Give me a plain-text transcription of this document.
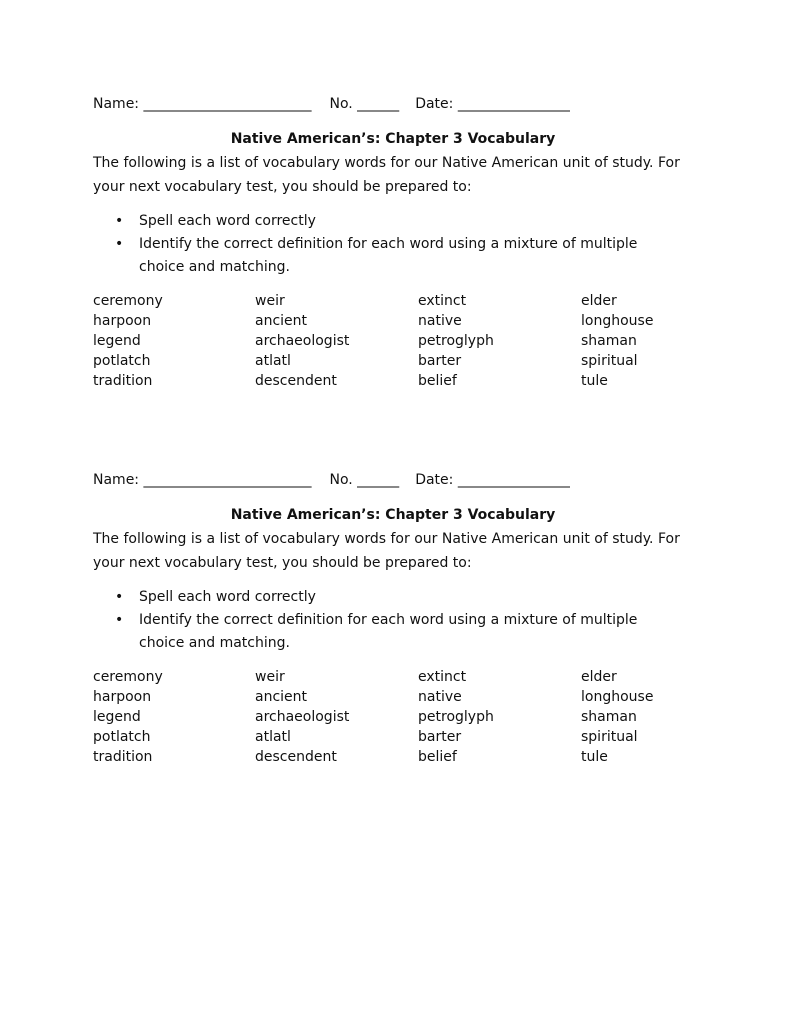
Name: ________________________ No. ______ Date: ________________
Native American’s: Chapter 3 Vocabulary
The following is a list of vocabulary words for our Native American unit of study. For your next vocabulary test, you should be prepared to:
• Spell each word correctly
• Identify the correct definition for each word using a mixture of multiple choice and matching.
ceremony	weir	extinct	elder
harpoon	ancient	native	longhouse
legend	archaeologist	petroglyph	shaman
potlatch	atlatl	barter	spiritual
tradition	descendent	belief	tule
Name: ________________________ No. ______ Date: ________________
Native American’s: Chapter 3 Vocabulary
The following is a list of vocabulary words for our Native American unit of study. For your next vocabulary test, you should be prepared to:
• Spell each word correctly
• Identify the correct definition for each word using a mixture of multiple choice and matching.
ceremony	weir	extinct	elder
harpoon	ancient	native	longhouse
legend	archaeologist	petroglyph	shaman
potlatch	atlatl	barter	spiritual
tradition	descendent	belief	tule
